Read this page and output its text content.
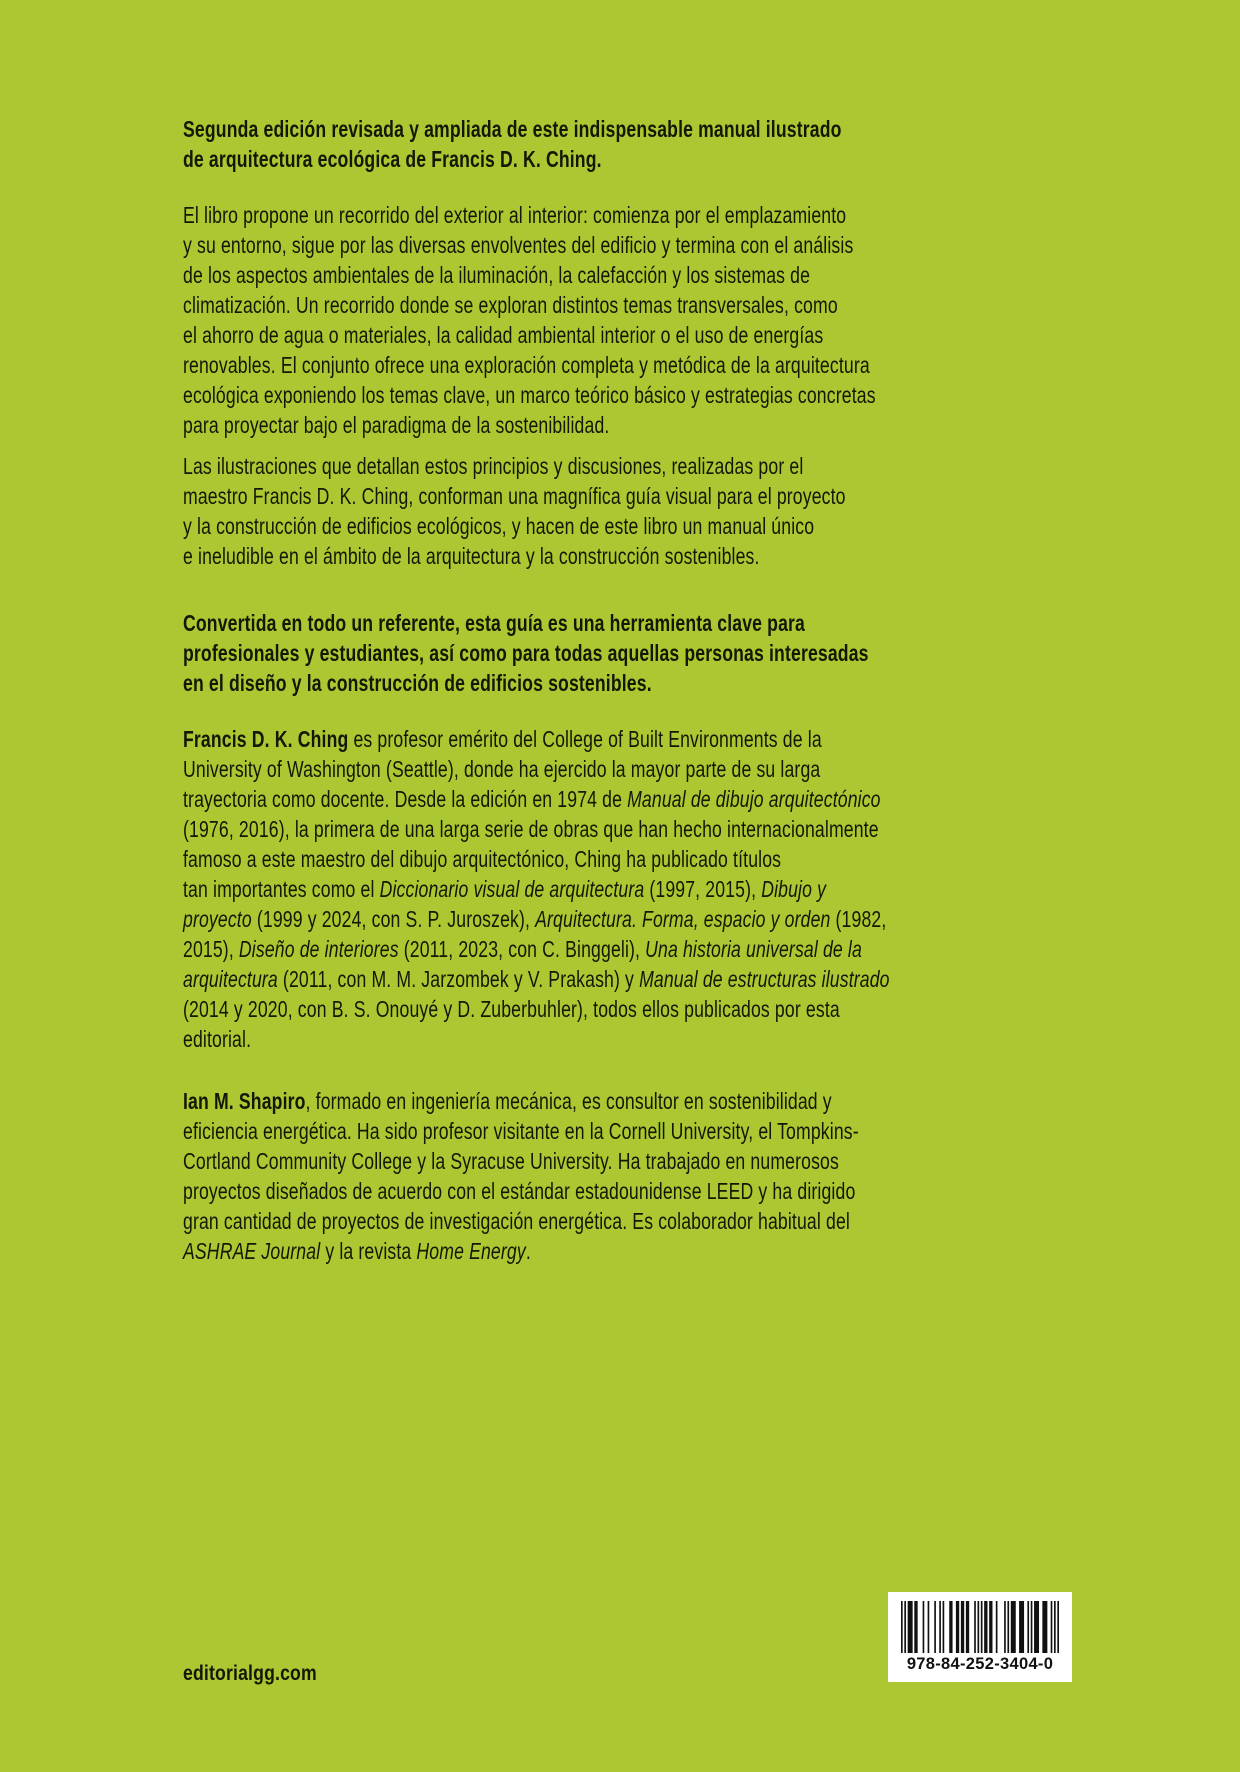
Segunda edición revisada y ampliada de este indispensable manual ilustrado
de arquitectura ecológica de Francis D. K. Ching.
El libro propone un recorrido del exterior al interior: comienza por el emplazamiento
y su entorno, sigue por las diversas envolventes del edificio y termina con el análisis
de los aspectos ambientales de la iluminación, la calefacción y los sistemas de
climatización. Un recorrido donde se exploran distintos temas transversales, como
el ahorro de agua o materiales, la calidad ambiental interior o el uso de energías
renovables. El conjunto ofrece una exploración completa y metódica de la arquitectura
ecológica exponiendo los temas clave, un marco teórico básico y estrategias concretas
para proyectar bajo el paradigma de la sostenibilidad.
Las ilustraciones que detallan estos principios y discusiones, realizadas por el
maestro Francis D. K. Ching, conforman una magnífica guía visual para el proyecto
y la construcción de edificios ecológicos, y hacen de este libro un manual único
e ineludible en el ámbito de la arquitectura y la construcción sostenibles.
Convertida en todo un referente, esta guía es una herramienta clave para
profesionales y estudiantes, así como para todas aquellas personas interesadas
en el diseño y la construcción de edificios sostenibles.
Francis D. K. Ching es profesor emérito del College of Built Environments de la
University of Washington (Seattle), donde ha ejercido la mayor parte de su larga
trayectoria como docente. Desde la edición en 1974 de Manual de dibujo arquitectónico
(1976, 2016), la primera de una larga serie de obras que han hecho internacionalmente
famoso a este maestro del dibujo arquitectónico, Ching ha publicado títulos
tan importantes como el Diccionario visual de arquitectura (1997, 2015), Dibujo y
proyecto (1999 y 2024, con S. P. Juroszek), Arquitectura. Forma, espacio y orden (1982,
2015), Diseño de interiores (2011, 2023, con C. Binggeli), Una historia universal de la
arquitectura (2011, con M. M. Jarzombek y V. Prakash) y Manual de estructuras ilustrado
(2014 y 2020, con B. S. Onouyé y D. Zuberbuhler), todos ellos publicados por esta
editorial.
Ian M. Shapiro, formado en ingeniería mecánica, es consultor en sostenibilidad y
eficiencia energética. Ha sido profesor visitante en la Cornell University, el Tompkins-
Cortland Community College y la Syracuse University. Ha trabajado en numerosos
proyectos diseñados de acuerdo con el estándar estadounidense LEED y ha dirigido
gran cantidad de proyectos de investigación energética. Es colaborador habitual del
ASHRAE Journal y la revista Home Energy.
editorialgg.com	978-84-252-3404-0
